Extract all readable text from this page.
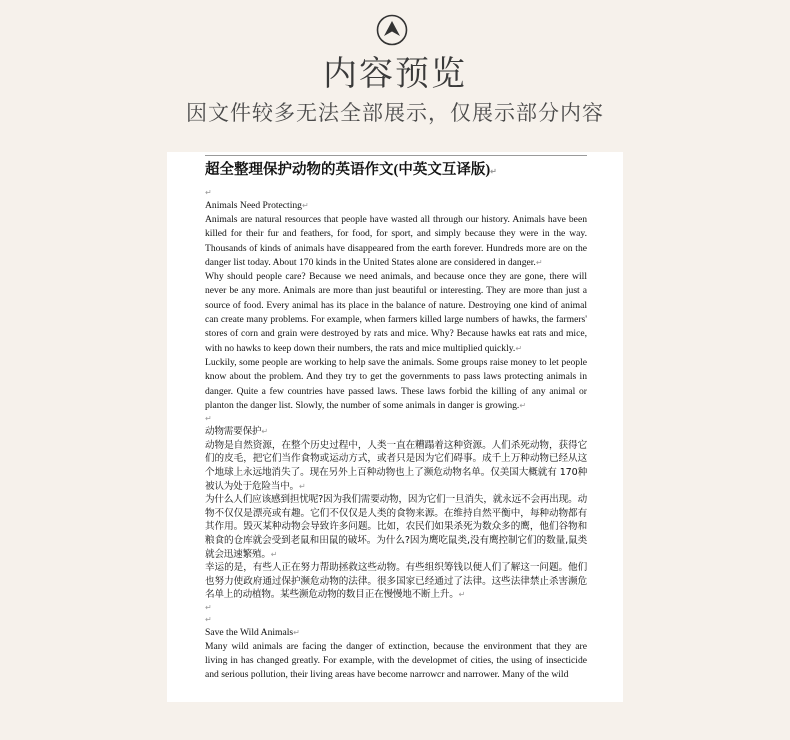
内容预览
因文件较多无法全部展示，仅展示部分内容
超全整理保护动物的英语作文(中英文互译版)↵
↵

Animals Need Protecting↵

Animals are natural resources that people have wasted all through our history. Animals have been killed for their fur and feathers, for food, for sport, and simply because they were in the way. Thousands of kinds of animals have disappeared from the earth forever. Hundreds more are on the danger list today. About 170 kinds in the United States alone are considered in danger.↵

Why should people care? Because we need animals, and because once they are gone, there will never be any more. Animals are more than just beautiful or interesting. They are more than just a source of food. Every animal has its place in the balance of nature. Destroying one kind of animal can create many problems. For example, when farmers killed large numbers of hawks, the farmers' stores of corn and grain were destroyed by rats and mice. Why? Because hawks eat rats and mice, with no hawks to keep down their numbers, the rats and mice multiplied quickly.↵

Luckily, some people are working to help save the animals. Some groups raise money to let people know about the problem. And they try to get the governments to pass laws protecting animals in danger. Quite a few countries have passed laws. These laws forbid the killing of any animal or planton the danger list. Slowly, the number of some animals in danger is growing.↵

↵

动物需要保护↵

动物是自然资源，在整个历史过程中，人类一直在糟蹋着这种资源。人们杀死动物，获得它们的皮毛，把它们当作食物或运动方式，或者只是因为它们碍事。成千上万种动物已经从这个地球上永远地消失了。现在另外上百种动物也上了濒危动物名单。仅美国大概就有 170种被认为处于危险当中。↵

为什么人们应该感到担忧呢?因为我们需要动物，因为它们一旦消失，就永远不会再出现。动物不仅仅是漂亮或有趣。它们不仅仅是人类的食物来源。在维持自然平衡中，每种动物都有其作用。毁灭某种动物会导致许多问题。比如，农民们如果杀死为数众多的鹰，他们谷物和粮食的仓库就会受到老鼠和田鼠的破坏。为什么?因为鹰吃鼠类,没有鹰控制它们的数量,鼠类就会迅速繁殖。↵

幸运的是，有些人正在努力帮助拯救这些动物。有些组织筹钱以便人们了解这一问题。他们也努力使政府通过保护濒危动物的法律。很多国家已经通过了法律。这些法律禁止杀害濒危名单上的动植物。某些濒危动物的数目正在慢慢地不断上升。↵

↵
↵

Save the Wild Animals↵

Many wild animals are facing the danger of extinction, because the environment that they are living in has changed greatly. For example, with the developmet of cities, the using of insecticide and serious pollution, their living areas have become narrowcr and narrower. Many of the wild
